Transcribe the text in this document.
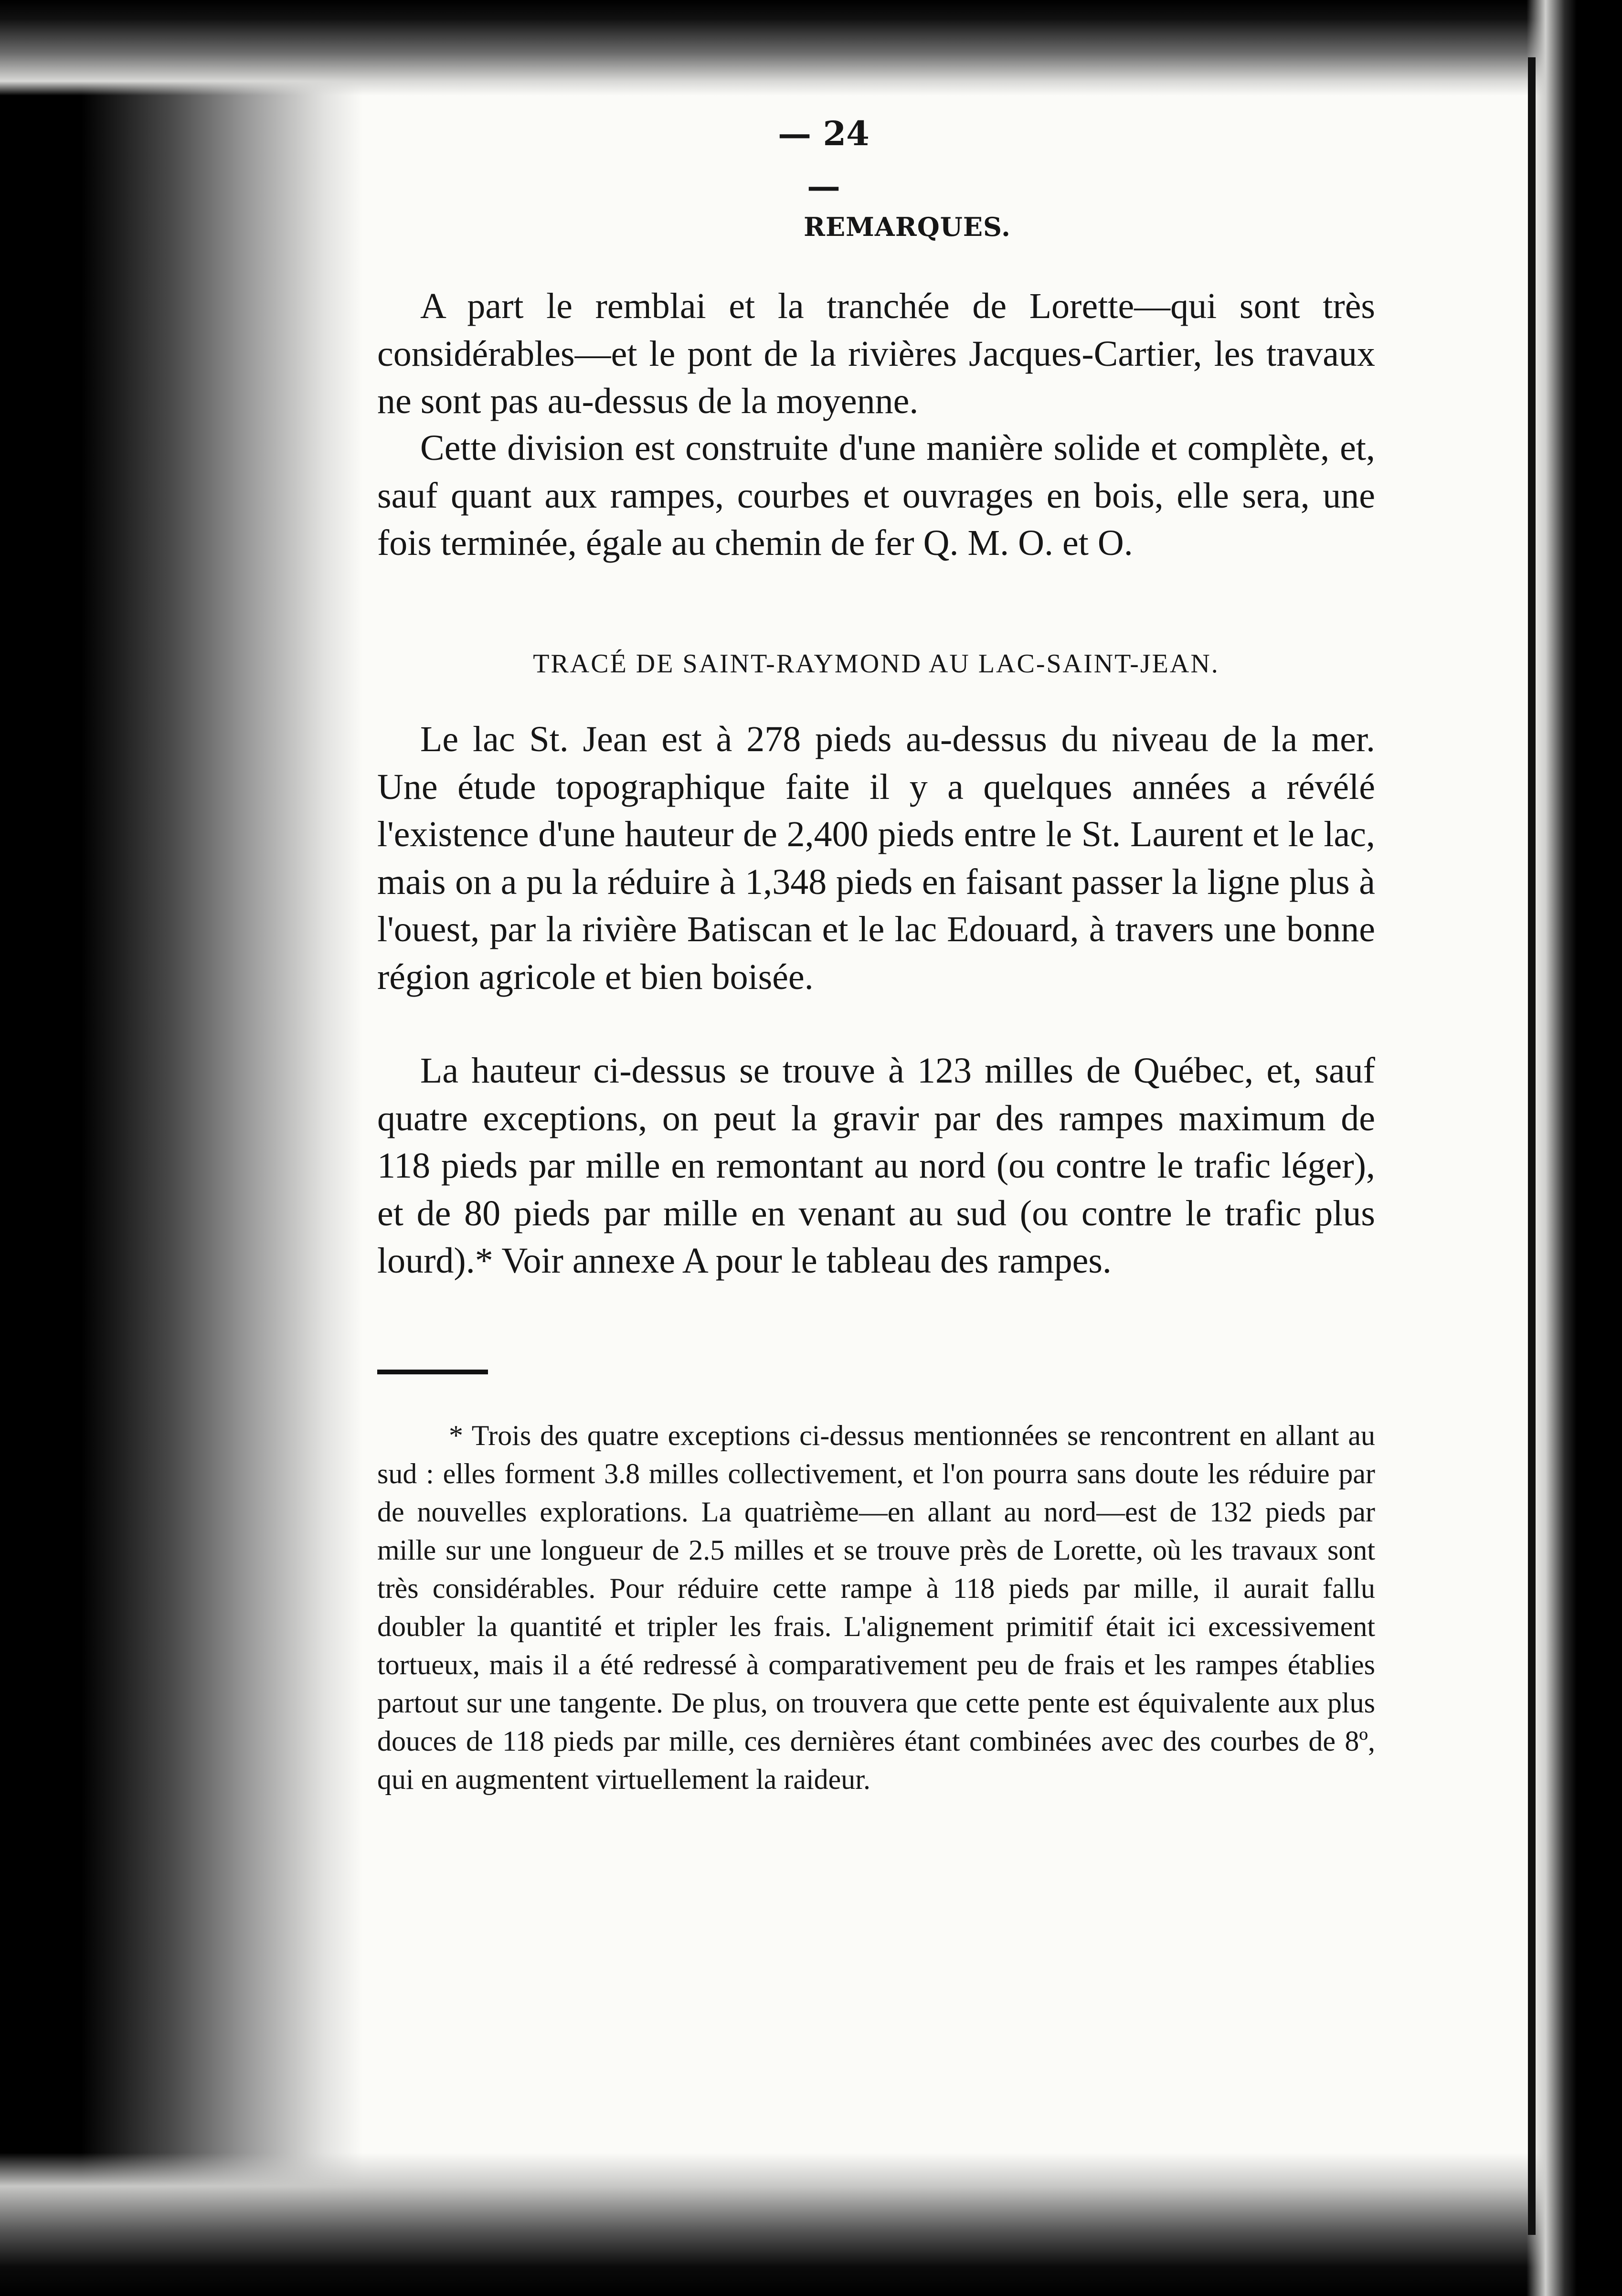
— 24 —
REMARQUES.
A part le remblai et la tranchée de Lorette—qui sont très considérables—et le pont de la rivières Jacques-Cartier, les travaux ne sont pas au-dessus de la moyenne.
Cette division est construite d'une manière solide et complète, et, sauf quant aux rampes, courbes et ouvrages en bois, elle sera, une fois terminée, égale au chemin de fer Q. M. O. et O.
TRACÉ DE SAINT-RAYMOND AU LAC-SAINT-JEAN.
Le lac St. Jean est à 278 pieds au-dessus du niveau de la mer. Une étude topographique faite il y a quelques années a révélé l'existence d'une hauteur de 2,400 pieds entre le St. Laurent et le lac, mais on a pu la réduire à 1,348 pieds en faisant passer la ligne plus à l'ouest, par la rivière Batiscan et le lac Edouard, à travers une bonne région agricole et bien boisée.
La hauteur ci-dessus se trouve à 123 milles de Québec, et, sauf quatre exceptions, on peut la gravir par des rampes maximum de 118 pieds par mille en remontant au nord (ou contre le trafic léger), et de 80 pieds par mille en venant au sud (ou contre le trafic plus lourd).* Voir annexe A pour le tableau des rampes.
* Trois des quatre exceptions ci-dessus mentionnées se rencontrent en allant au sud : elles forment 3.8 milles collectivement, et l'on pourra sans doute les réduire par de nouvelles explorations. La quatrième—en allant au nord—est de 132 pieds par mille sur une longueur de 2.5 milles et se trouve près de Lorette, où les travaux sont très considérables. Pour réduire cette rampe à 118 pieds par mille, il aurait fallu doubler la quantité et tripler les frais. L'alignement primitif était ici excessivement tortueux, mais il a été redressé à comparativement peu de frais et les rampes établies partout sur une tangente. De plus, on trouvera que cette pente est équivalente aux plus douces de 118 pieds par mille, ces dernières étant combinées avec des courbes de 8º, qui en augmentent virtuellement la raideur.
